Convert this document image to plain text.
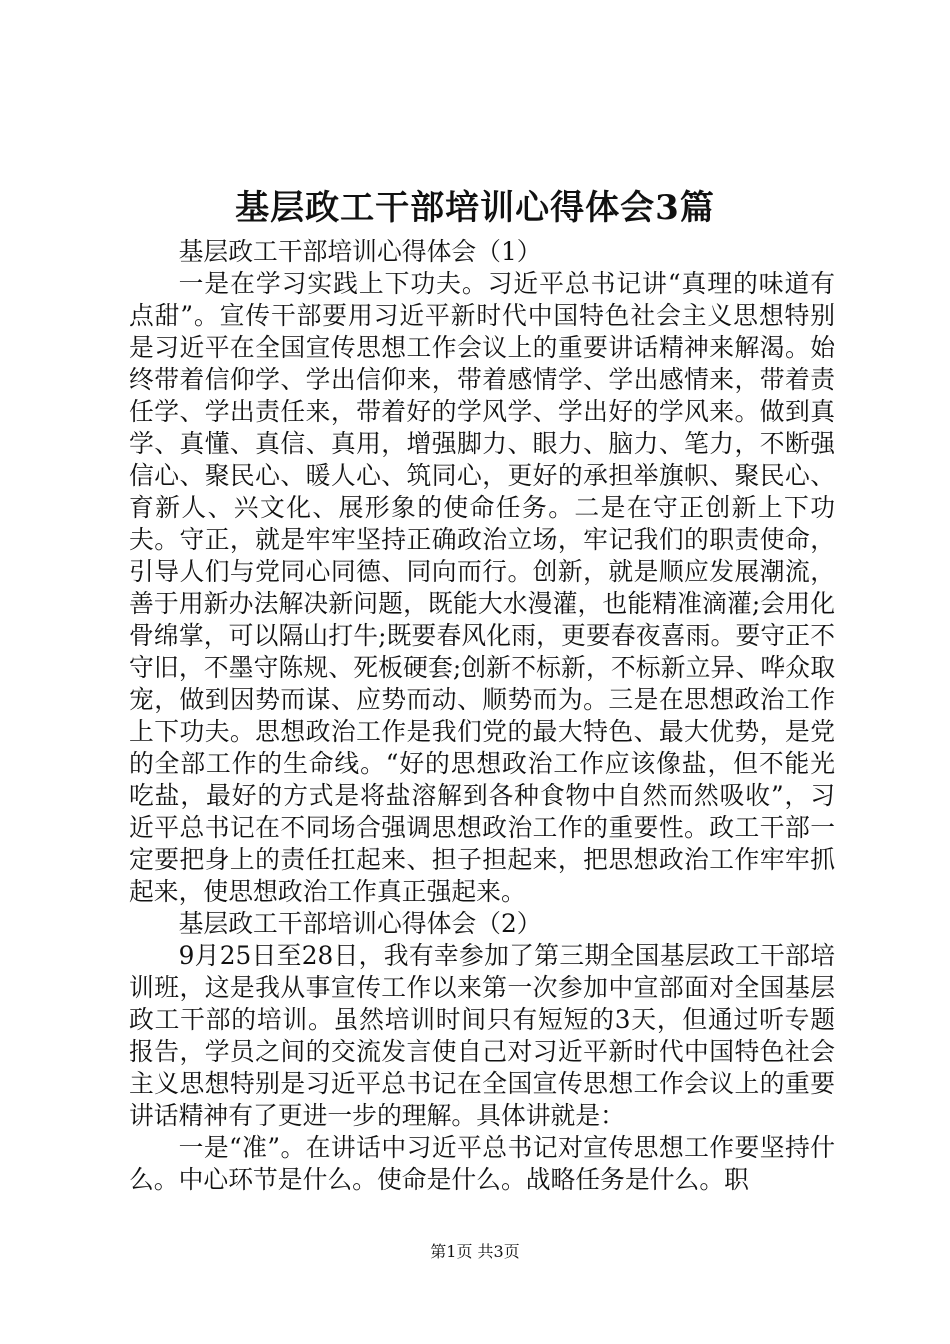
基层政工干部培训心得体会3篇

基层政工干部培训心得体会（1）

一是在学习实践上下功夫。习近平总书记讲“真理的味道有点甜”。宣传干部要用习近平新时代中国特色社会主义思想特别是习近平在全国宣传思想工作会议上的重要讲话精神来解渴。始终带着信仰学、学出信仰来，带着感情学、学出感情来，带着责任学、学出责任来，带着好的学风学、学出好的学风来。做到真学、真懂、真信、真用，增强脚力、眼力、脑力、笔力，不断强信心、聚民心、暖人心、筑同心，更好的承担举旗帜、聚民心、育新人、兴文化、展形象的使命任务。二是在守正创新上下功夫。守正，就是牢牢坚持正确政治立场，牢记我们的职责使命，引导人们与党同心同德、同向而行。创新，就是顺应发展潮流，善于用新办法解决新问题，既能大水漫灌，也能精准滴灌;会用化骨绵掌，可以隔山打牛;既要春风化雨，更要春夜喜雨。要守正不守旧，不墨守陈规、死板硬套;创新不标新，不标新立异、哗众取宠，做到因势而谋、应势而动、顺势而为。三是在思想政治工作上下功夫。思想政治工作是我们党的最大特色、最大优势，是党的全部工作的生命线。“好的思想政治工作应该像盐，但不能光吃盐，最好的方式是将盐溶解到各种食物中自然而然吸收”，习近平总书记在不同场合强调思想政治工作的重要性。政工干部一定要把身上的责任扛起来、担子担起来，把思想政治工作牢牢抓起来，使思想政治工作真正强起来。

基层政工干部培训心得体会（2）

9月25日至28日，我有幸参加了第三期全国基层政工干部培训班，这是我从事宣传工作以来第一次参加中宣部面对全国基层政工干部的培训。虽然培训时间只有短短的3天，但通过听专题报告，学员之间的交流发言使自己对习近平新时代中国特色社会主义思想特别是习近平总书记在全国宣传思想工作会议上的重要讲话精神有了更进一步的理解。具体讲就是：

一是“准”。在讲话中习近平总书记对宣传思想工作要坚持什么。中心环节是什么。使命是什么。战略任务是什么。职

第1页 共3页
